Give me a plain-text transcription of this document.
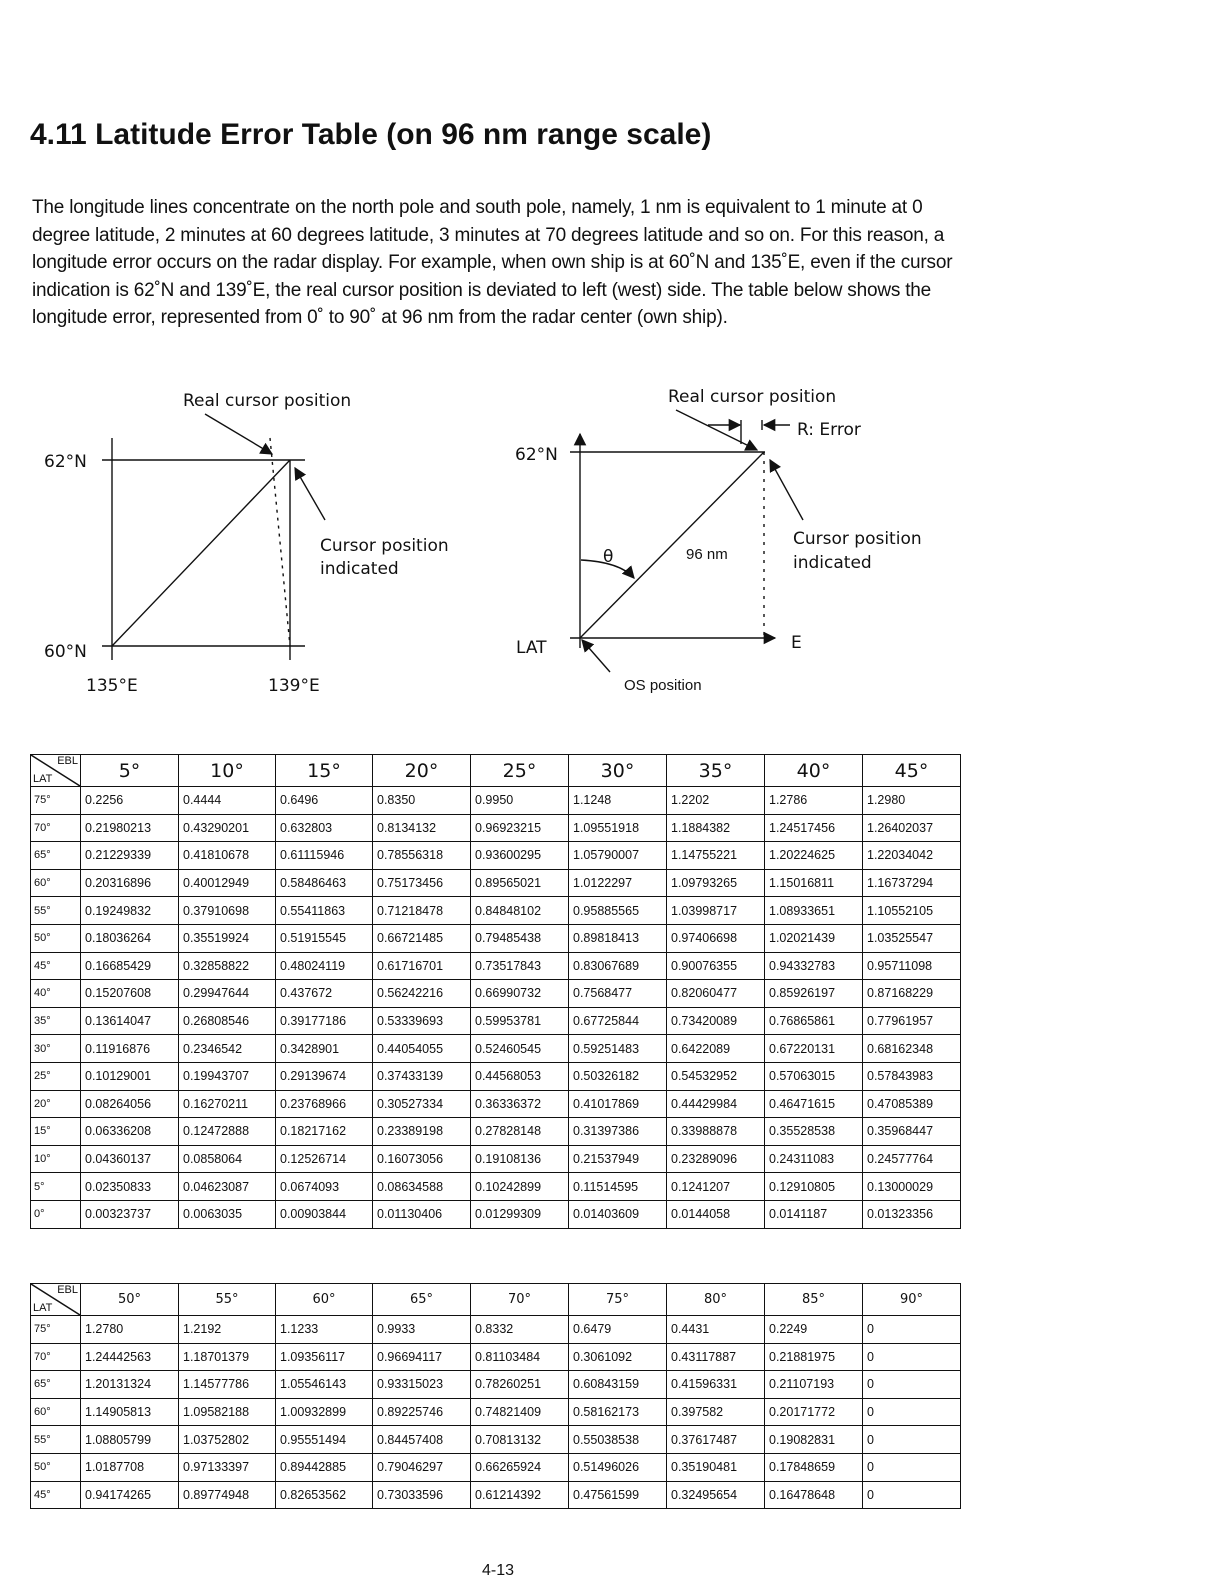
4.11 Latitude Error Table (on 96 nm range scale)

The longitude lines concentrate on the north pole and south pole, namely, 1 nm is equivalent to 1 minute at 0 degree latitude, 2 minutes at 60 degrees latitude, 3 minutes at 70 degrees latitude and so on. For this reason, a longitude error occurs on the radar display. For example, when own ship is at 60˚N and 135˚E, even if the cursor indication is 62˚N and 139˚E, the real cursor position is deviated to left (west) side. The table below shows the longitude error, represented from 0˚ to 90˚ at 96 nm from the radar center (own ship).

Real cursor position
62°N
60°N
Cursor position
indicated
135°E	139°E
Real cursor position
R: Error
62°N
θ	96 nm
Cursor position
indicated
LAT	E
OS position
EBL
LAT	5°	10°	15°	20°	25°	30°	35°	40°	45°
75°	0.2256	0.4444	0.6496	0.8350	0.9950	1.1248	1.2202	1.2786	1.2980
70°	0.21980213	0.43290201	0.632803	0.8134132	0.96923215	1.09551918	1.1884382	1.24517456	1.26402037
65°	0.21229339	0.41810678	0.61115946	0.78556318	0.93600295	1.05790007	1.14755221	1.20224625	1.22034042
60°	0.20316896	0.40012949	0.58486463	0.75173456	0.89565021	1.0122297	1.09793265	1.15016811	1.16737294
55°	0.19249832	0.37910698	0.55411863	0.71218478	0.84848102	0.95885565	1.03998717	1.08933651	1.10552105
50°	0.18036264	0.35519924	0.51915545	0.66721485	0.79485438	0.89818413	0.97406698	1.02021439	1.03525547
45°	0.16685429	0.32858822	0.48024119	0.61716701	0.73517843	0.83067689	0.90076355	0.94332783	0.95711098
40°	0.15207608	0.29947644	0.437672	0.56242216	0.66990732	0.7568477	0.82060477	0.85926197	0.87168229
35°	0.13614047	0.26808546	0.39177186	0.53339693	0.59953781	0.67725844	0.73420089	0.76865861	0.77961957
30°	0.11916876	0.2346542	0.3428901	0.44054055	0.52460545	0.59251483	0.6422089	0.67220131	0.68162348
25°	0.10129001	0.19943707	0.29139674	0.37433139	0.44568053	0.50326182	0.54532952	0.57063015	0.57843983
20°	0.08264056	0.16270211	0.23768966	0.30527334	0.36336372	0.41017869	0.44429984	0.46471615	0.47085389
15°	0.06336208	0.12472888	0.18217162	0.23389198	0.27828148	0.31397386	0.33988878	0.35528538	0.35968447
10°	0.04360137	0.0858064	0.12526714	0.16073056	0.19108136	0.21537949	0.23289096	0.24311083	0.24577764
5°	0.02350833	0.04623087	0.0674093	0.08634588	0.10242899	0.11514595	0.1241207	0.12910805	0.13000029
0°	0.00323737	0.0063035	0.00903844	0.01130406	0.01299309	0.01403609	0.0144058	0.0141187	0.01323356
EBL
LAT	50°	55°	60°	65°	70°	75°	80°	85°	90°
75°	1.2780	1.2192	1.1233	0.9933	0.8332	0.6479	0.4431	0.2249	0
70°	1.24442563	1.18701379	1.09356117	0.96694117	0.81103484	0.3061092	0.43117887	0.21881975	0
65°	1.20131324	1.14577786	1.05546143	0.93315023	0.78260251	0.60843159	0.41596331	0.21107193	0
60°	1.14905813	1.09582188	1.00932899	0.89225746	0.74821409	0.58162173	0.397582	0.20171772	0
55°	1.08805799	1.03752802	0.95551494	0.84457408	0.70813132	0.55038538	0.37617487	0.19082831	0
50°	1.0187708	0.97133397	0.89442885	0.79046297	0.66265924	0.51496026	0.35190481	0.17848659	0
45°	0.94174265	0.89774948	0.82653562	0.73033596	0.61214392	0.47561599	0.32495654	0.16478648	0
4-13
